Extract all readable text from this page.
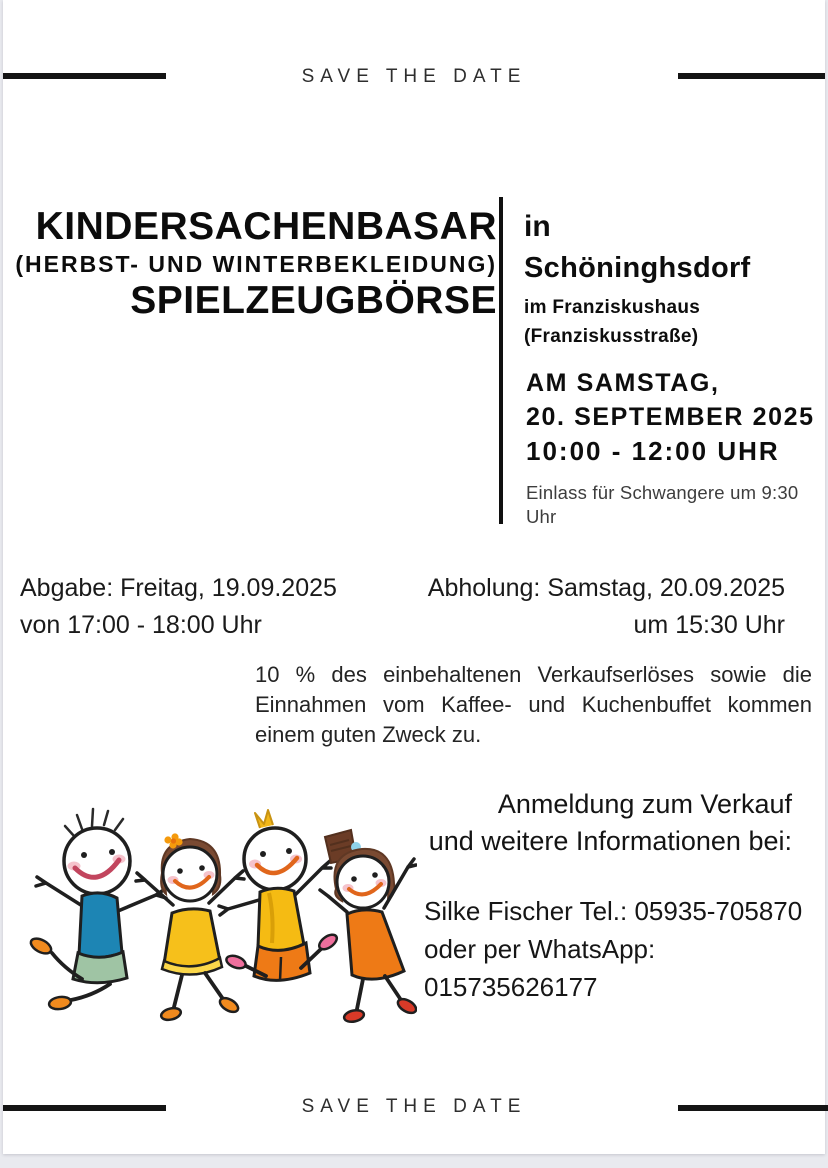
SAVE THE DATE
KINDERSACHENBASAR
(HERBST- UND WINTERBEKLEIDUNG)
SPIELZEUGBÖRSE
in
Schöninghsdorf
im Franziskushaus
(Franziskusstraße)
AM SAMSTAG,
20. SEPTEMBER 2025
10:00 - 12:00 UHR
Einlass für Schwangere um 9:30 Uhr
Abgabe: Freitag, 19.09.2025
von 17:00 - 18:00 Uhr
Abholung: Samstag, 20.09.2025
um 15:30 Uhr
10 % des einbehaltenen Verkaufserlöses sowie die Einnahmen vom Kaffee- und Kuchenbuffet kommen einem guten Zweck zu.
Anmeldung zum Verkauf
und weitere Informationen bei:
Silke Fischer Tel.: 05935-705870
oder per WhatsApp:
015735626177
SAVE THE DATE
